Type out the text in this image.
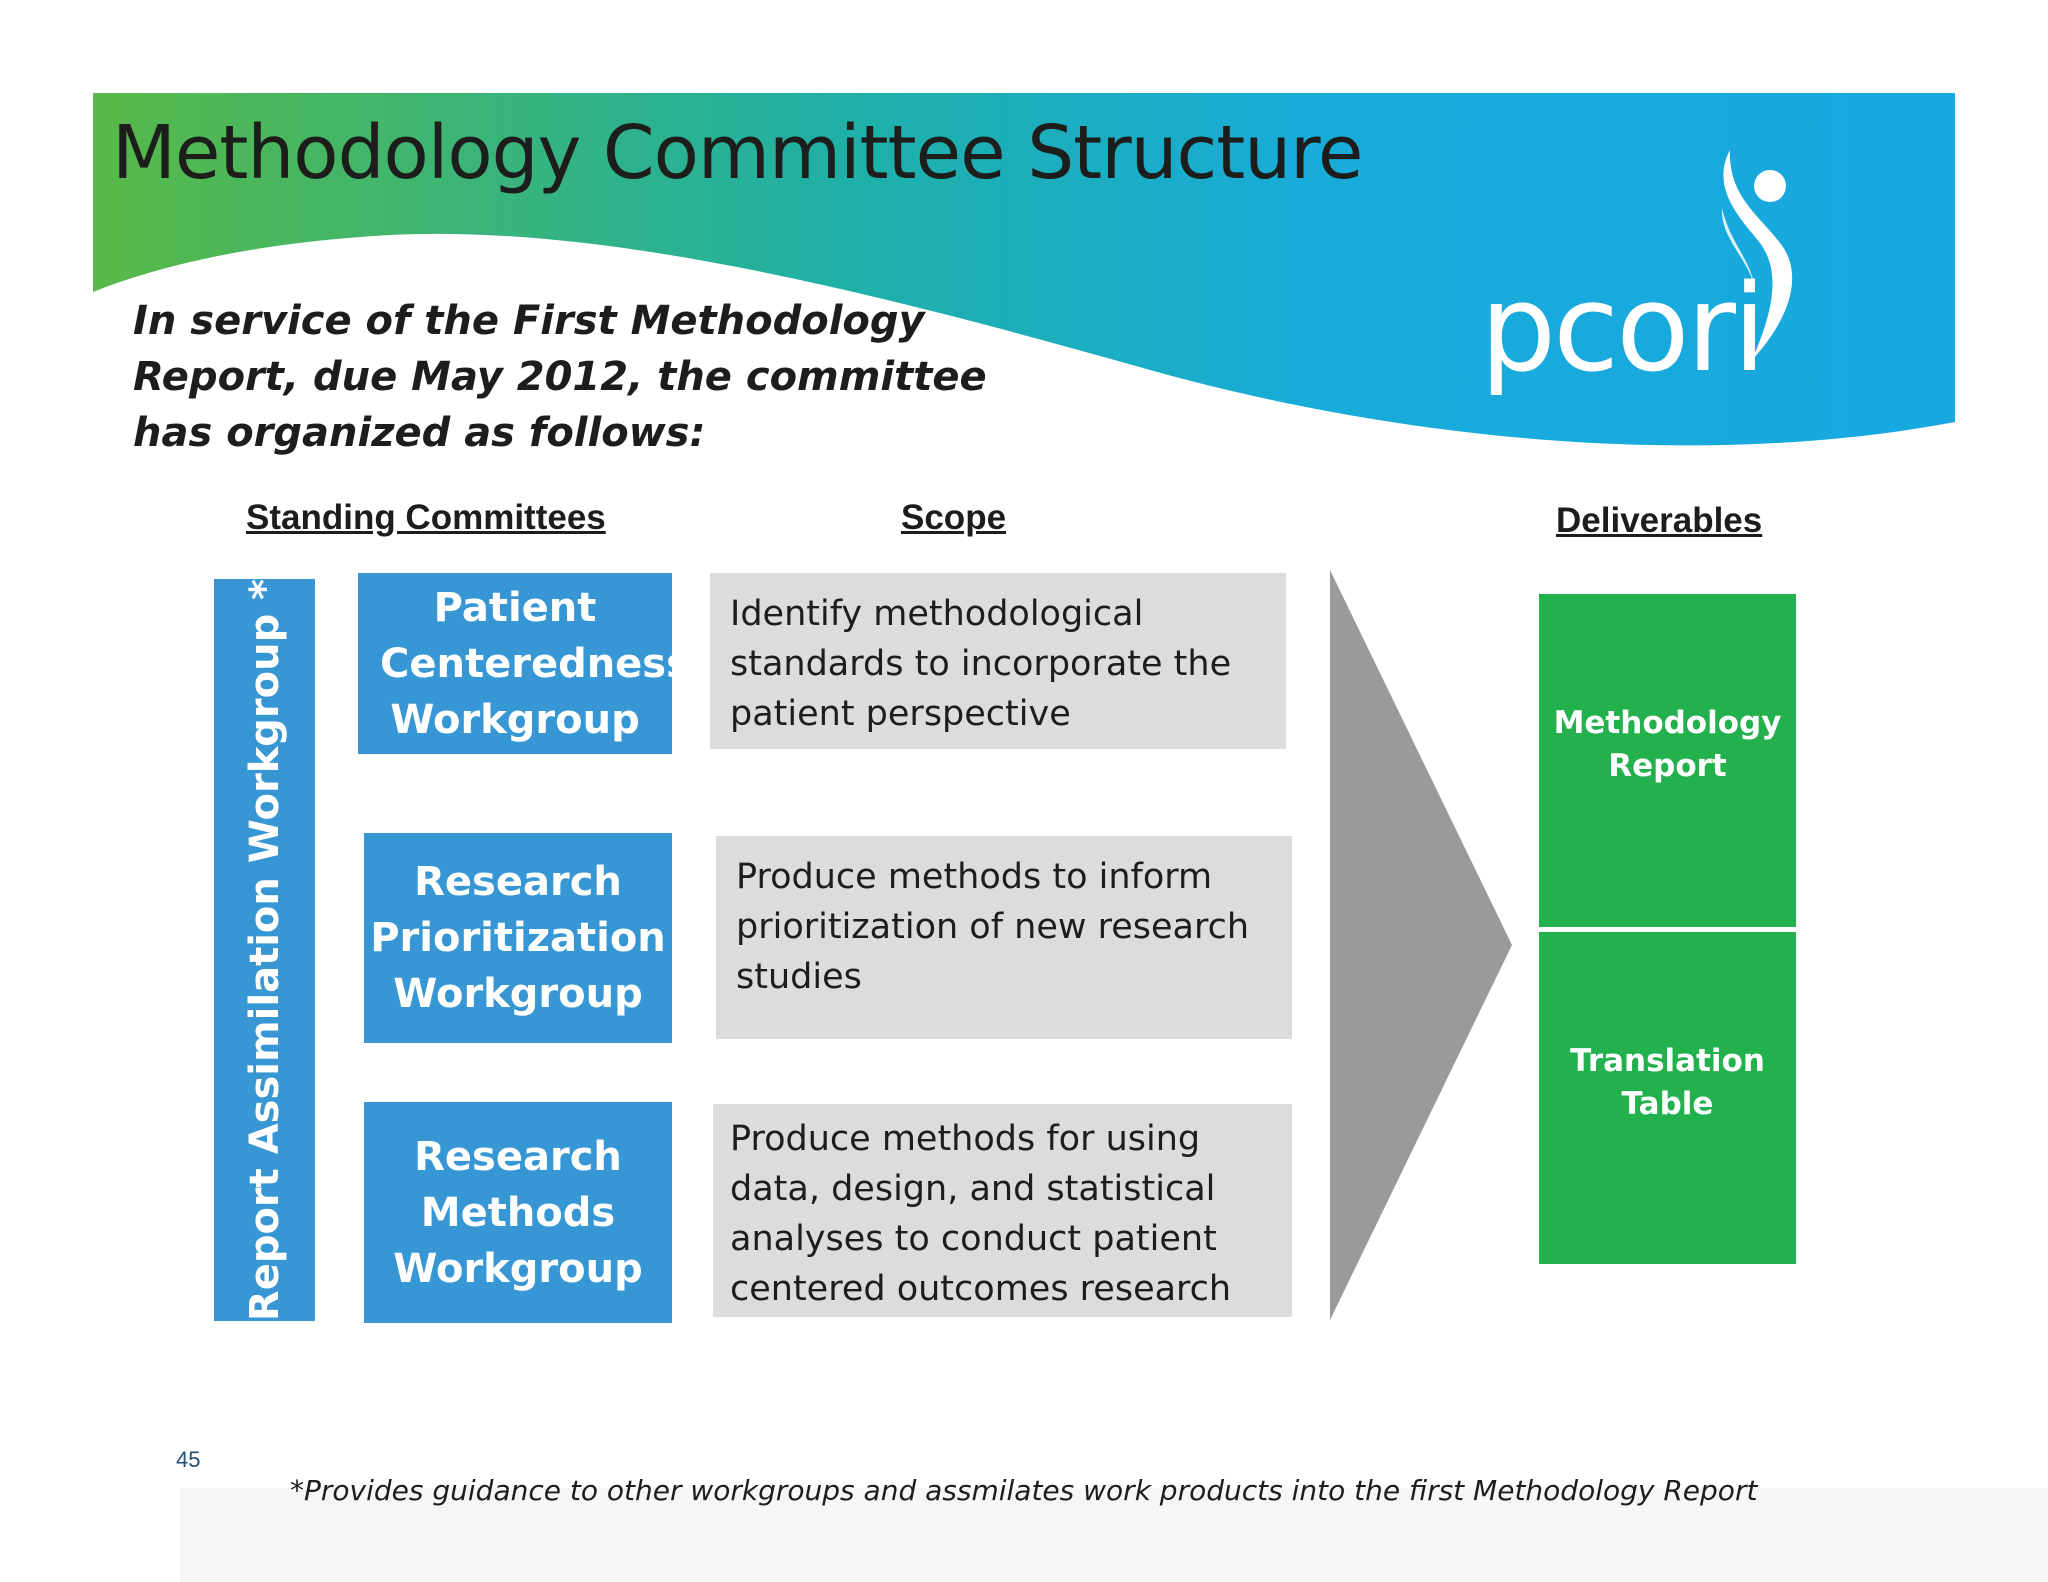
Methodology Committee Structure
In service of the First Methodology Report, due May 2012, the committee has organized as follows:
pcori
Standing Committees	Scope	Deliverables
Report Assimilation Workgroup *	Patient Centeredness Workgroup
Research Prioritization Workgroup
Research Methods Workgroup
Identify methodological standards to incorporate the patient perspective
Produce methods to inform prioritization of new research studies
Produce methods for using data, design, and statistical analyses to conduct patient centered outcomes research
Methodology Report
Translation Table
45
*Provides guidance to other workgroups and assmilates work products into the first Methodology Report
